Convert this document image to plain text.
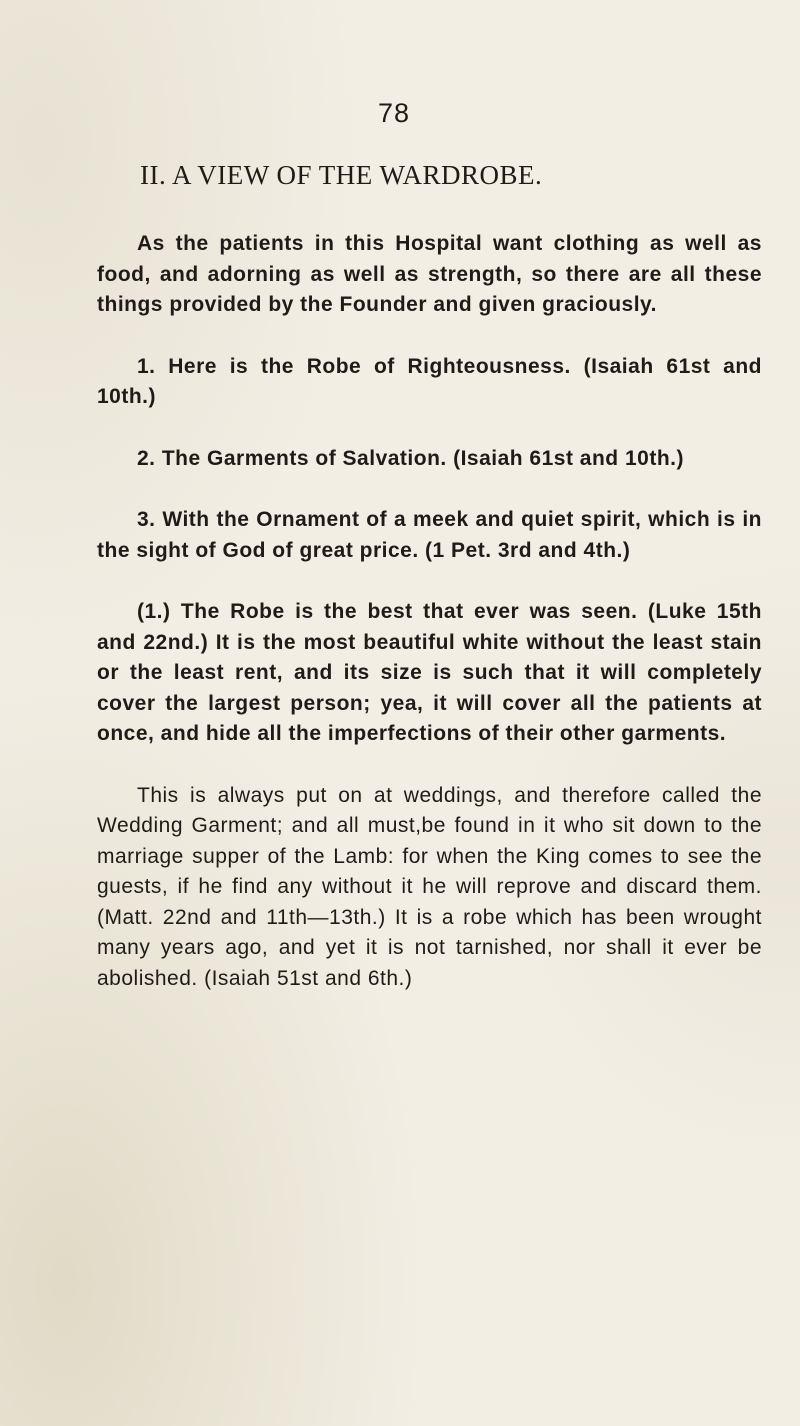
78
II. A VIEW OF THE WARDROBE.

As the patients in this Hospital want clothing as well as food, and adorning as well as strength, so there are all these things provided by the Founder and given graciously.

1. Here is the Robe of Righteousness. (Isaiah 61st and 10th.)

2. The Garments of Salvation. (Isaiah 61st and 10th.)

3. With the Ornament of a meek and quiet spirit, which is in the sight of God of great price. (1 Pet. 3rd and 4th.)

(1.) The Robe is the best that ever was seen. (Luke 15th and 22nd.) It is the most beautiful white without the least stain or the least rent, and its size is such that it will completely cover the largest person; yea, it will cover all the patients at once, and hide all the imperfections of their other garments.

This is always put on at weddings, and therefore called the Wedding Garment; and all must,be found in it who sit down to the marriage supper of the Lamb: for when the King comes to see the guests, if he find any without it he will reprove and discard them. (Matt. 22nd and 11th—13th.) It is a robe which has been wrought many years ago, and yet it is not tarnished, nor shall it ever be abolished. (Isaiah 51st and 6th.)
